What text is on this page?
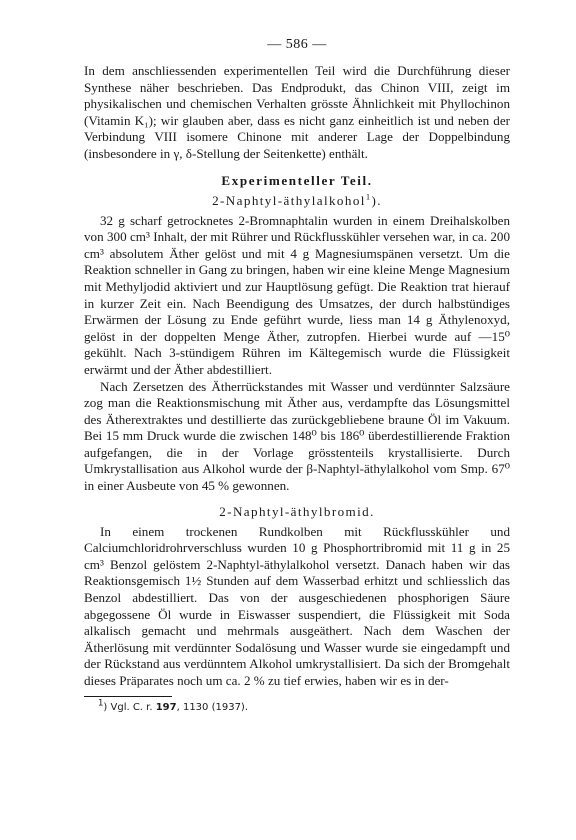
— 586 —

In dem anschliessenden experimentellen Teil wird die Durchführung dieser Synthese näher beschrieben. Das Endprodukt, das Chinon VIII, zeigt im physikalischen und chemischen Verhalten grösste Ähnlichkeit mit Phyllochinon (Vitamin K₁); wir glauben aber, dass es nicht ganz einheitlich ist und neben der Verbindung VIII isomere Chinone mit anderer Lage der Doppelbindung (insbesondere in γ, δ-Stellung der Seitenkette) enthält.

Experimenteller Teil.
2-Naphtyl-äthylalkohol$^1$).

32 g scharf getrocknetes 2-Bromnaphtalin wurden in einem Dreihalskolben von 300 cm³ Inhalt, der mit Rührer und Rückflusskühler versehen war, in ca. 200 cm³ absolutem Äther gelöst und mit 4 g Magnesiumspänen versetzt. Um die Reaktion schneller in Gang zu bringen, haben wir eine kleine Menge Magnesium mit Methyljodid aktiviert und zur Hauptlösung gefügt. Die Reaktion trat hierauf in kurzer Zeit ein. Nach Beendigung des Umsatzes, der durch halbstündiges Erwärmen der Lösung zu Ende geführt wurde, liess man 14 g Äthylenoxyd, gelöst in der doppelten Menge Äther, zutropfen. Hierbei wurde auf —15⁰ gekühlt. Nach 3-stündigem Rühren im Kältegemisch wurde die Flüssigkeit erwärmt und der Äther abdestilliert.

Nach Zersetzen des Ätherrückstandes mit Wasser und verdünnter Salzsäure zog man die Reaktionsmischung mit Äther aus, verdampfte das Lösungsmittel des Ätherextraktes und destillierte das zurückgebliebene braune Öl im Vakuum. Bei 15 mm Druck wurde die zwischen 148⁰ bis 186⁰ überdestillierende Fraktion aufgefangen, die in der Vorlage grösstenteils krystallisierte. Durch Umkrystallisation aus Alkohol wurde der β-Naphtyl-äthylalkohol vom Smp. 67⁰ in einer Ausbeute von 45 % gewonnen.

2-Naphtyl-äthylbromid.

In einem trockenen Rundkolben mit Rückflusskühler und Calciumchloridrohrverschluss wurden 10 g Phosphortribromid mit 11 g in 25 cm³ Benzol gelöstem 2-Naphtyl-äthylalkohol versetzt. Danach haben wir das Reaktionsgemisch 1½ Stunden auf dem Wasserbad erhitzt und schliesslich das Benzol abdestilliert. Das von der ausgeschiedenen phosphorigen Säure abgegossene Öl wurde in Eiswasser suspendiert, die Flüssigkeit mit Soda alkalisch gemacht und mehrmals ausgeäthert. Nach dem Waschen der Ätherlösung mit verdünnter Sodalösung und Wasser wurde sie eingedampft und der Rückstand aus verdünntem Alkohol umkrystallisiert. Da sich der Bromgehalt dieses Präparates noch um ca. 2 % zu tief erwies, haben wir es in der-

$^1$) Vgl. C. r. 197, 1130 (1937).
